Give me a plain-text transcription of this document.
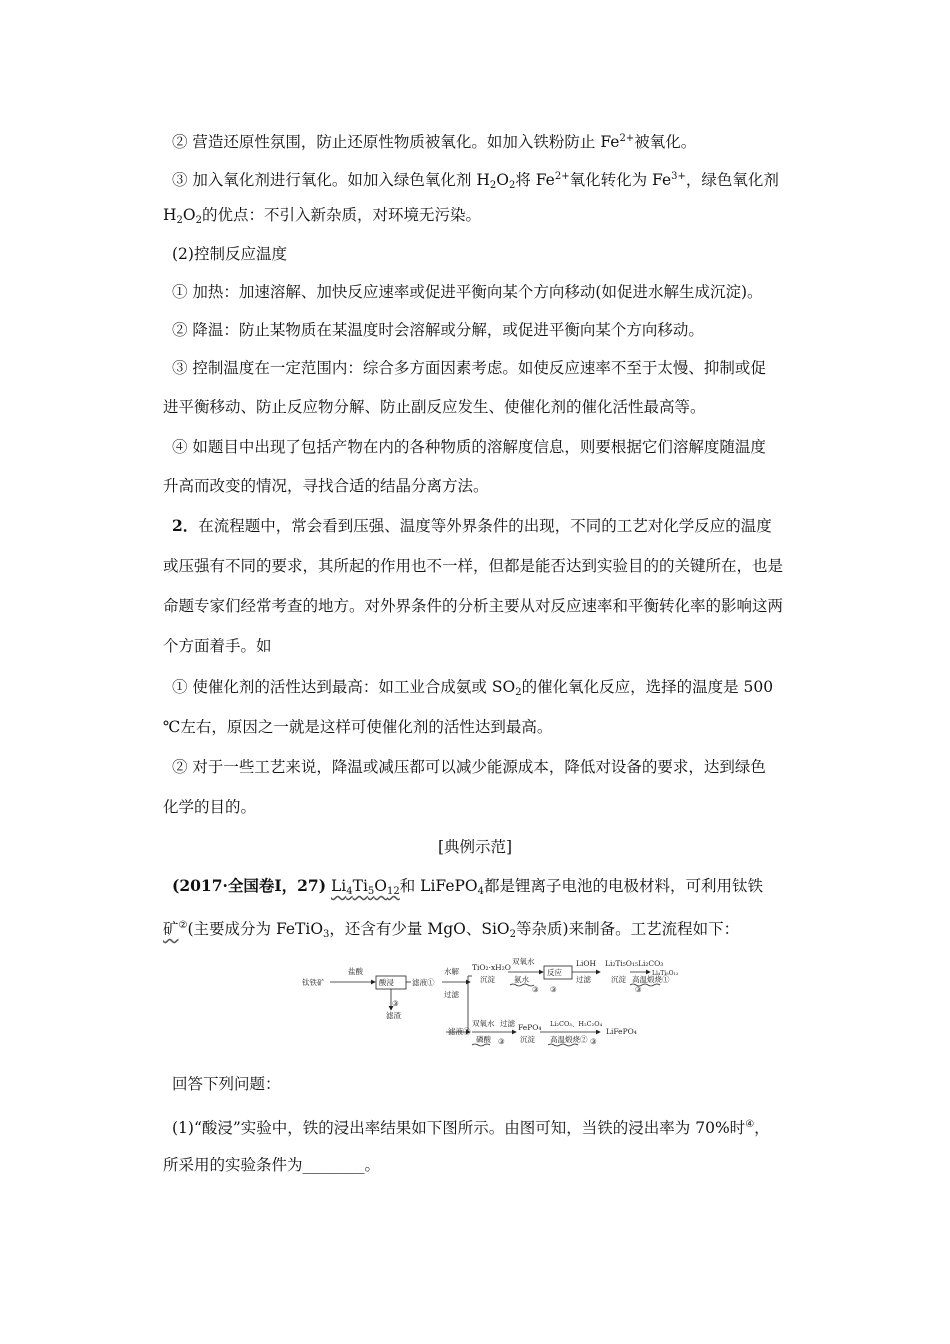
② 营造还原性氛围，防止还原性物质被氧化。如加入铁粉防止 $Fe^{2+}$被氧化。
③ 加入氧化剂进行氧化。如加入绿色氧化剂 $H_2O_2$将 $Fe^{2+}$氧化转化为 $Fe^{3+}$，绿色氧化剂
$H_2O_2$的优点：不引入新杂质，对环境无污染。
(2)控制反应温度
① 加热：加速溶解、加快反应速率或促进平衡向某个方向移动(如促进水解生成沉淀)。
② 降温：防止某物质在某温度时会溶解或分解，或促进平衡向某个方向移动。
③ 控制温度在一定范围内：综合多方面因素考虑。如使反应速率不至于太慢、抑制或促
进平衡移动、防止反应物分解、防止副反应发生、使催化剂的催化活性最高等。
④ 如题目中出现了包括产物在内的各种物质的溶解度信息，则要根据它们溶解度随温度
升高而改变的情况，寻找合适的结晶分离方法。
2．在流程题中，常会看到压强、温度等外界条件的出现，不同的工艺对化学反应的温度
或压强有不同的要求，其所起的作用也不一样，但都是能否达到实验目的的关键所在，也是
命题专家们经常考查的地方。对外界条件的分析主要从对反应速率和平衡转化率的影响这两
个方面着手。如
① 使催化剂的活性达到最高：如工业合成氨或 $SO_2$的催化氧化反应，选择的温度是 500
℃左右，原因之一就是这样可使催化剂的活性达到最高。
② 对于一些工艺来说，降温或减压都可以减少能源成本，降低对设备的要求，达到绿色
化学的目的。
[典例示范]
(2017·全国卷Ⅰ，27) $Li_4Ti_5O_{12}$和 LiFePO$_4$都是锂离子电池的电极材料，可利用钛铁
矿②(主要成分为 FeTiO$_3$，还含有少量 MgO、SiO$_2$等杂质)来制备。工艺流程如下：
钛铁矿
盐酸
酸浸 滤液①
滤渣
水解
过滤
TiO₂·xH₂O
沉淀
双氧水
氨水
反应
LiOH
过滤
Li₂Ti₅O₁₅
沉淀
Li₂CO₃
高温煅烧①
Li₄Ti₅O₁₂
滤液②
双氧水
磷酸
过滤 FePO₄
沉淀
Li₂CO₃、H₂C₂O₄
高温煅烧②
LiFePO₄
③
③ ③	③
③	③
回答下列问题：
(1)“酸浸”实验中，铁的浸出率结果如下图所示。由图可知，当铁的浸出率为 70%时④，
所采用的实验条件为________。
